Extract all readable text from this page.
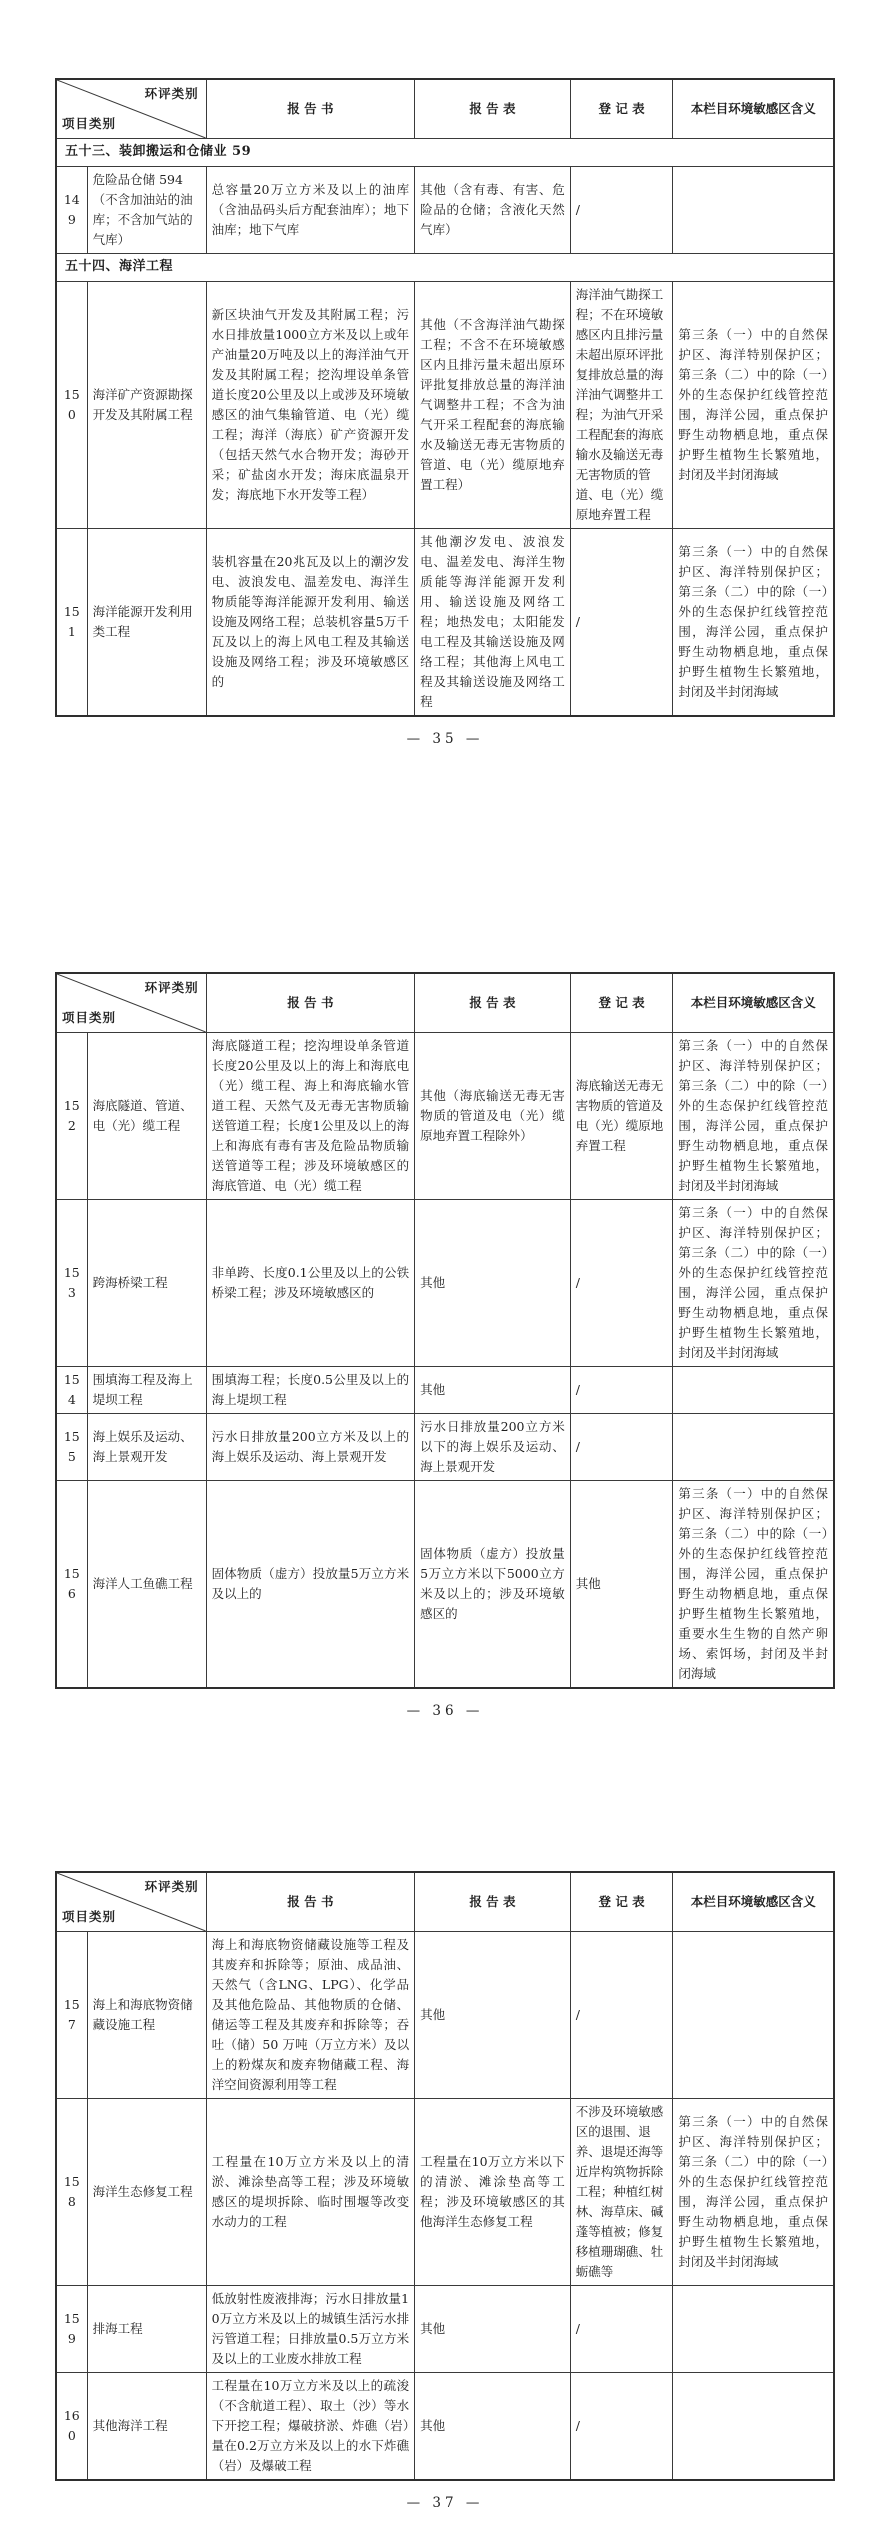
环评类别
项目类别		报 告 书	报 告 表	登 记 表	本栏目环境敏感区含义
五十三、装卸搬运和仓储业 59					
149	危险品仓储 594（不含加油站的油库；不含加气站的气库）	总容量20万立方米及以上的油库（含油品码头后方配套油库）；地下油库；地下气库	其他（含有毒、有害、危险品的仓储；含液化天然气库）	/	
五十四、海洋工程					
150	海洋矿产资源勘探开发及其附属工程	新区块油气开发及其附属工程；污水日排放量1000立方米及以上或年产油量20万吨及以上的海洋油气开发及其附属工程；挖沟埋设单条管道长度20公里及以上或涉及环境敏感区的油气集输管道、电（光）缆工程；海洋（海底）矿产资源开发（包括天然气水合物开发；海砂开采；矿盐卤水开发；海床底温泉开发；海底地下水开发等工程）	其他（不含海洋油气勘探工程；不含不在环境敏感区内且排污量未超出原环评批复排放总量的海洋油气调整井工程；不含为油气开采工程配套的海底输水及输送无毒无害物质的管道、电（光）缆原地弃置工程）	海洋油气勘探工程；不在环境敏感区内且排污量未超出原环评批复排放总量的海洋油气调整井工程；为油气开采工程配套的海底输水及输送无毒无害物质的管道、电（光）缆原地弃置工程	第三条（一）中的自然保护区、海洋特别保护区；第三条（二）中的除（一）外的生态保护红线管控范围，海洋公园，重点保护野生动物栖息地，重点保护野生植物生长繁殖地，封闭及半封闭海域
151	海洋能源开发利用类工程	装机容量在20兆瓦及以上的潮汐发电、波浪发电、温差发电、海洋生物质能等海洋能源开发利用、输送设施及网络工程；总装机容量5万千瓦及以上的海上风电工程及其输送设施及网络工程；涉及环境敏感区的	其他潮汐发电、波浪发电、温差发电、海洋生物质能等海洋能源开发利用、输送设施及网络工程；地热发电；太阳能发电工程及其输送设施及网络工程；其他海上风电工程及其输送设施及网络工程	/	第三条（一）中的自然保护区、海洋特别保护区；第三条（二）中的除（一）外的生态保护红线管控范围，海洋公园，重点保护野生动物栖息地，重点保护野生植物生长繁殖地，封闭及半封闭海域
— 35 —
环评类别
项目类别		报 告 书	报 告 表	登 记 表	本栏目环境敏感区含义
152	海底隧道、管道、电（光）缆工程	海底隧道工程；挖沟埋设单条管道长度20公里及以上的海上和海底电（光）缆工程、海上和海底输水管道工程、天然气及无毒无害物质输送管道工程；长度1公里及以上的海上和海底有毒有害及危险品物质输送管道等工程；涉及环境敏感区的海底管道、电（光）缆工程	其他（海底输送无毒无害物质的管道及电（光）缆原地弃置工程除外）	海底输送无毒无害物质的管道及电（光）缆原地弃置工程	第三条（一）中的自然保护区、海洋特别保护区；第三条（二）中的除（一）外的生态保护红线管控范围，海洋公园，重点保护野生动物栖息地，重点保护野生植物生长繁殖地，封闭及半封闭海域
153	跨海桥梁工程	非单跨、长度0.1公里及以上的公铁桥梁工程；涉及环境敏感区的	其他	/	第三条（一）中的自然保护区、海洋特别保护区；第三条（二）中的除（一）外的生态保护红线管控范围，海洋公园，重点保护野生动物栖息地，重点保护野生植物生长繁殖地，封闭及半封闭海域
154	围填海工程及海上堤坝工程	围填海工程；长度0.5公里及以上的海上堤坝工程	其他	/	
155	海上娱乐及运动、海上景观开发	污水日排放量200立方米及以上的海上娱乐及运动、海上景观开发	污水日排放量200立方米以下的海上娱乐及运动、海上景观开发	/	
156	海洋人工鱼礁工程	固体物质（虚方）投放量5万立方米及以上的	固体物质（虚方）投放量5万立方米以下5000立方米及以上的；涉及环境敏感区的	其他	第三条（一）中的自然保护区、海洋特别保护区；第三条（二）中的除（一）外的生态保护红线管控范围，海洋公园，重点保护野生动物栖息地，重点保护野生植物生长繁殖地，重要水生生物的自然产卵场、索饵场，封闭及半封闭海域
— 36 —
环评类别
项目类别		报 告 书	报 告 表	登 记 表	本栏目环境敏感区含义
157	海上和海底物资储藏设施工程	海上和海底物资储藏设施等工程及其废弃和拆除等；原油、成品油、天然气（含LNG、LPG）、化学品及其他危险品、其他物质的仓储、储运等工程及其废弃和拆除等；吞吐（储）50 万吨（万立方米）及以上的粉煤灰和废弃物储藏工程、海洋空间资源利用等工程	其他	/	
158	海洋生态修复工程	工程量在10万立方米及以上的清淤、滩涂垫高等工程；涉及环境敏感区的堤坝拆除、临时围堰等改变水动力的工程	工程量在10万立方米以下的清淤、滩涂垫高等工程；涉及环境敏感区的其他海洋生态修复工程	不涉及环境敏感区的退围、退养、退堤还海等近岸构筑物拆除工程；种植红树林、海草床、碱蓬等植被；修复移植珊瑚礁、牡蛎礁等	第三条（一）中的自然保护区、海洋特别保护区；第三条（二）中的除（一）外的生态保护红线管控范围，海洋公园，重点保护野生动物栖息地，重点保护野生植物生长繁殖地，封闭及半封闭海域
159	排海工程	低放射性废液排海；污水日排放量10万立方米及以上的城镇生活污水排污管道工程；日排放量0.5万立方米及以上的工业废水排放工程	其他	/	
160	其他海洋工程	工程量在10万立方米及以上的疏浚（不含航道工程）、取土（沙）等水下开挖工程；爆破挤淤、炸礁（岩）量在0.2万立方米及以上的水下炸礁（岩）及爆破工程	其他	/	
— 37 —
